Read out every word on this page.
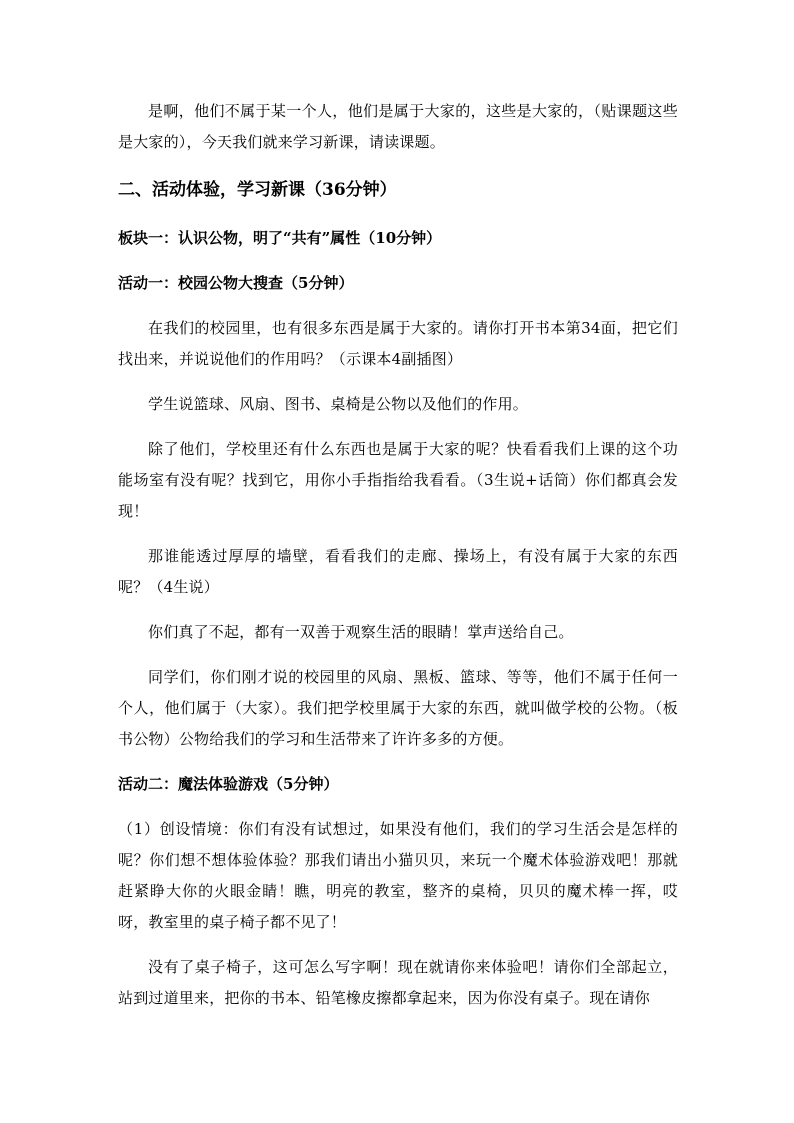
是啊，他们不属于某一个人，他们是属于大家的，这些是大家的，（贴课题这些是大家的），今天我们就来学习新课，请读课题。

二、活动体验，学习新课（36分钟）

板块一：认识公物，明了“共有”属性（10分钟）

活动一：校园公物大搜查（5分钟）

在我们的校园里，也有很多东西是属于大家的。请你打开书本第34面，把它们找出来，并说说他们的作用吗？（示课本4副插图）

学生说篮球、风扇、图书、桌椅是公物以及他们的作用。

除了他们，学校里还有什么东西也是属于大家的呢？快看看我们上课的这个功能场室有没有呢？找到它，用你小手指指给我看看。（3生说+话筒）你们都真会发现！

那谁能透过厚厚的墙壁，看看我们的走廊、操场上，有没有属于大家的东西呢？（4生说）

你们真了不起，都有一双善于观察生活的眼睛！掌声送给自己。

同学们，你们刚才说的校园里的风扇、黑板、篮球、等等，他们不属于任何一个人，他们属于（大家）。我们把学校里属于大家的东西，就叫做学校的公物。（板书公物）公物给我们的学习和生活带来了许许多多的方便。

活动二：魔法体验游戏（5分钟）

（1）创设情境：你们有没有试想过，如果没有他们，我们的学习生活会是怎样的呢？你们想不想体验体验？那我们请出小猫贝贝，来玩一个魔术体验游戏吧！那就赶紧睁大你的火眼金睛！瞧，明亮的教室，整齐的桌椅，贝贝的魔术棒一挥，哎呀，教室里的桌子椅子都不见了！

没有了桌子椅子，这可怎么写字啊！现在就请你来体验吧！请你们全部起立，站到过道里来，把你的书本、铅笔橡皮擦都拿起来，因为你没有桌子。现在请你
